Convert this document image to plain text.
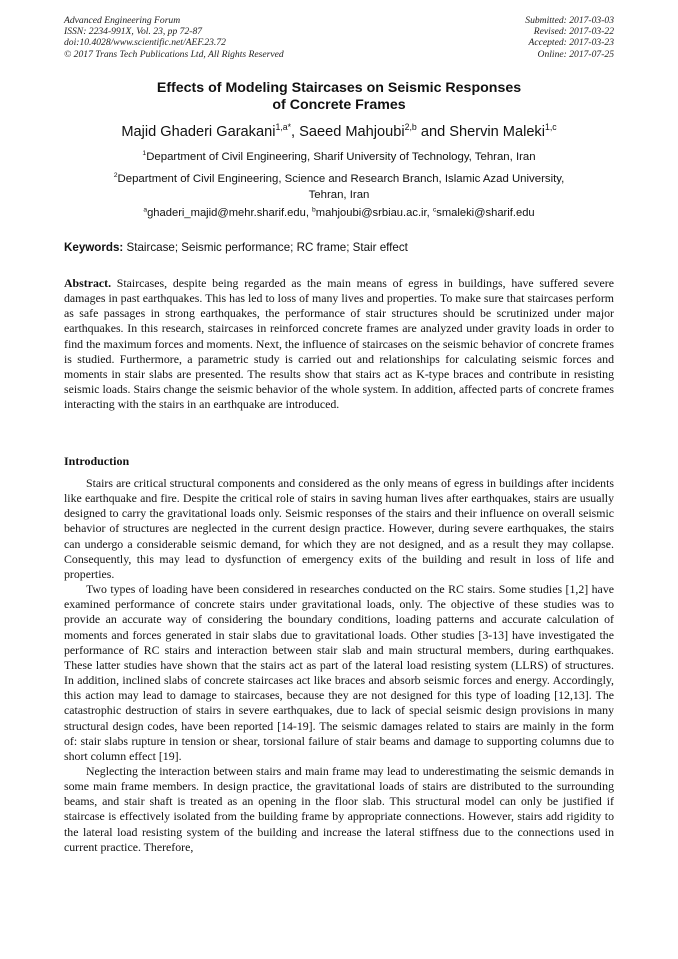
Advanced Engineering Forum
ISSN: 2234-991X, Vol. 23, pp 72-87
doi:10.4028/www.scientific.net/AEF.23.72
© 2017 Trans Tech Publications Ltd, All Rights Reserved
Submitted: 2017-03-03
Revised: 2017-03-22
Accepted: 2017-03-23
Online: 2017-07-25
Effects of Modeling Staircases on Seismic Responses
of Concrete Frames
Majid Ghaderi Garakani$^{1,a*}$, Saeed Mahjoubi$^{2,b}$ and Shervin Maleki$^{1,c}$
$^1$Department of Civil Engineering, Sharif University of Technology, Tehran, Iran
$^2$Department of Civil Engineering, Science and Research Branch, Islamic Azad University,
Tehran, Iran
$^a$ghaderi_majid@mehr.sharif.edu, $^b$mahjoubi@srbiau.ac.ir, $^c$smaleki@sharif.edu
Keywords: Staircase; Seismic performance; RC frame; Stair effect
Abstract. Staircases, despite being regarded as the main means of egress in buildings, have suffered severe damages in past earthquakes. This has led to loss of many lives and properties. To make sure that staircases perform as safe passages in strong earthquakes, the performance of stair structures should be scrutinized under major earthquakes. In this research, staircases in reinforced concrete frames are analyzed under gravity loads in order to find the maximum forces and moments. Next, the influence of staircases on the seismic behavior of concrete frames is studied. Furthermore, a parametric study is carried out and relationships for calculating seismic forces and moments in stair slabs are presented. The results show that stairs act as K-type braces and contribute in resisting seismic loads. Stairs change the seismic behavior of the whole system. In addition, affected parts of concrete frames interacting with the stairs in an earthquake are introduced.
Introduction

Stairs are critical structural components and considered as the only means of egress in buildings after incidents like earthquake and fire. Despite the critical role of stairs in saving human lives after earthquakes, stairs are usually designed to carry the gravitational loads only. Seismic responses of the stairs and their influence on overall seismic behavior of structures are neglected in the current design practice. However, during severe earthquakes, the stairs can undergo a considerable seismic demand, for which they are not designed, and as a result they may collapse. Consequently, this may lead to dysfunction of emergency exits of the building and result in loss of life and properties.

Two types of loading have been considered in researches conducted on the RC stairs. Some studies [1,2] have examined performance of concrete stairs under gravitational loads, only. The objective of these studies was to provide an accurate way of considering the boundary conditions, loading patterns and accurate calculation of moments and forces generated in stair slabs due to gravitational loads. Other studies [3-13] have investigated the performance of RC stairs and interaction between stair slab and main structural members, during earthquakes. These latter studies have shown that the stairs act as part of the lateral load resisting system (LLRS) of structures. In addition, inclined slabs of concrete staircases act like braces and absorb seismic forces and energy. Accordingly, this action may lead to damage to staircases, because they are not designed for this type of loading [12,13]. The catastrophic destruction of stairs in severe earthquakes, due to lack of special seismic design provisions in many structural design codes, have been reported [14-19]. The seismic damages related to stairs are mainly in the form of: stair slabs rupture in tension or shear, torsional failure of stair beams and damage to supporting columns due to short column effect [19].

Neglecting the interaction between stairs and main frame may lead to underestimating the seismic demands in some main frame members. In design practice, the gravitational loads of stairs are distributed to the surrounding beams, and stair shaft is treated as an opening in the floor slab. This structural model can only be justified if staircase is effectively isolated from the building frame by appropriate connections. However, stairs add rigidity to the lateral load resisting system of the building and increase the lateral stiffness due to the connections used in current practice. Therefore,
